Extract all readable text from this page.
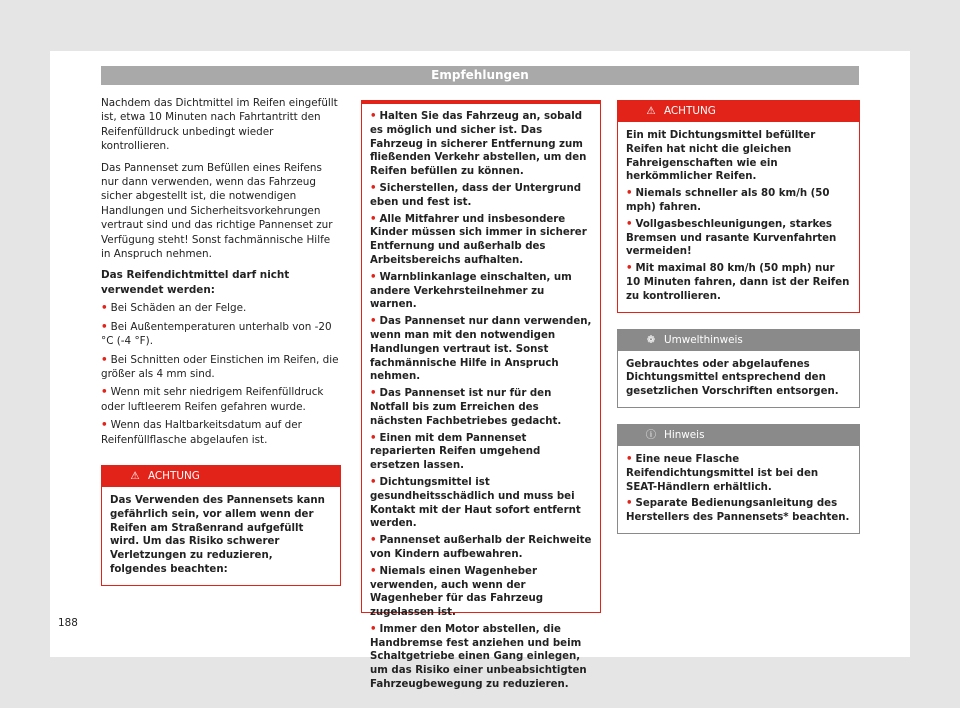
Empfehlungen

Nachdem das Dichtmittel im Reifen eingefüllt ist, etwa 10 Minuten nach Fahrtantritt den Reifenfülldruck unbedingt wieder kontrollieren.

Das Pannenset zum Befüllen eines Reifens nur dann verwenden, wenn das Fahrzeug sicher abgestellt ist, die notwendigen Handlungen und Sicherheitsvorkehrungen vertraut sind und das richtige Pannenset zur Verfügung steht! Sonst fachmännische Hilfe in Anspruch nehmen.

Das Reifendichtmittel darf nicht verwendet werden:

• Bei Schäden an der Felge.
• Bei Außentemperaturen unterhalb von -20 °C (-4 °F).
• Bei Schnitten oder Einstichen im Reifen, die größer als 4 mm sind.
• Wenn mit sehr niedrigem Reifenfülldruck oder luftleerem Reifen gefahren wurde.
• Wenn das Haltbarkeitsdatum auf der Reifenfüllflasche abgelaufen ist.
⚠ ACHTUNG
Das Verwenden des Pannensets kann gefährlich sein, vor allem wenn der Reifen am Straßenrand aufgefüllt wird. Um das Risiko schwerer Verletzungen zu reduzieren, folgendes beachten:
• Halten Sie das Fahrzeug an, sobald es möglich und sicher ist. Das Fahrzeug in sicherer Entfernung zum fließenden Verkehr abstellen, um den Reifen befüllen zu können.
• Sicherstellen, dass der Untergrund eben und fest ist.
• Alle Mitfahrer und insbesondere Kinder müssen sich immer in sicherer Entfernung und außerhalb des Arbeitsbereichs aufhalten.
• Warnblinkanlage einschalten, um andere Verkehrsteilnehmer zu warnen.
• Das Pannenset nur dann verwenden, wenn man mit den notwendigen Handlungen vertraut ist. Sonst fachmännische Hilfe in Anspruch nehmen.
• Das Pannenset ist nur für den Notfall bis zum Erreichen des nächsten Fachbetriebes gedacht.
• Einen mit dem Pannenset reparierten Reifen umgehend ersetzen lassen.
• Dichtungsmittel ist gesundheitsschädlich und muss bei Kontakt mit der Haut sofort entfernt werden.
• Pannenset außerhalb der Reichweite von Kindern aufbewahren.
• Niemals einen Wagenheber verwenden, auch wenn der Wagenheber für das Fahrzeug zugelassen ist.
• Immer den Motor abstellen, die Handbremse fest anziehen und beim Schaltgetriebe einen Gang einlegen, um das Risiko einer unbeabsichtigten Fahrzeugbewegung zu reduzieren.
⚠ ACHTUNG
Ein mit Dichtungsmittel befüllter Reifen hat nicht die gleichen Fahreigenschaften wie ein herkömmlicher Reifen.
• Niemals schneller als 80 km/h (50 mph) fahren.
• Vollgasbeschleunigungen, starkes Bremsen und rasante Kurvenfahrten vermeiden!
• Mit maximal 80 km/h (50 mph) nur 10 Minuten fahren, dann ist der Reifen zu kontrollieren.
❁ Umwelthinweis
Gebrauchtes oder abgelaufenes Dichtungsmittel entsprechend den gesetzlichen Vorschriften entsorgen.
ⓘ Hinweis
• Eine neue Flasche Reifendichtungsmittel ist bei den SEAT-Händlern erhältlich.
• Separate Bedienungsanleitung des Herstellers des Pannensets* beachten.
188
